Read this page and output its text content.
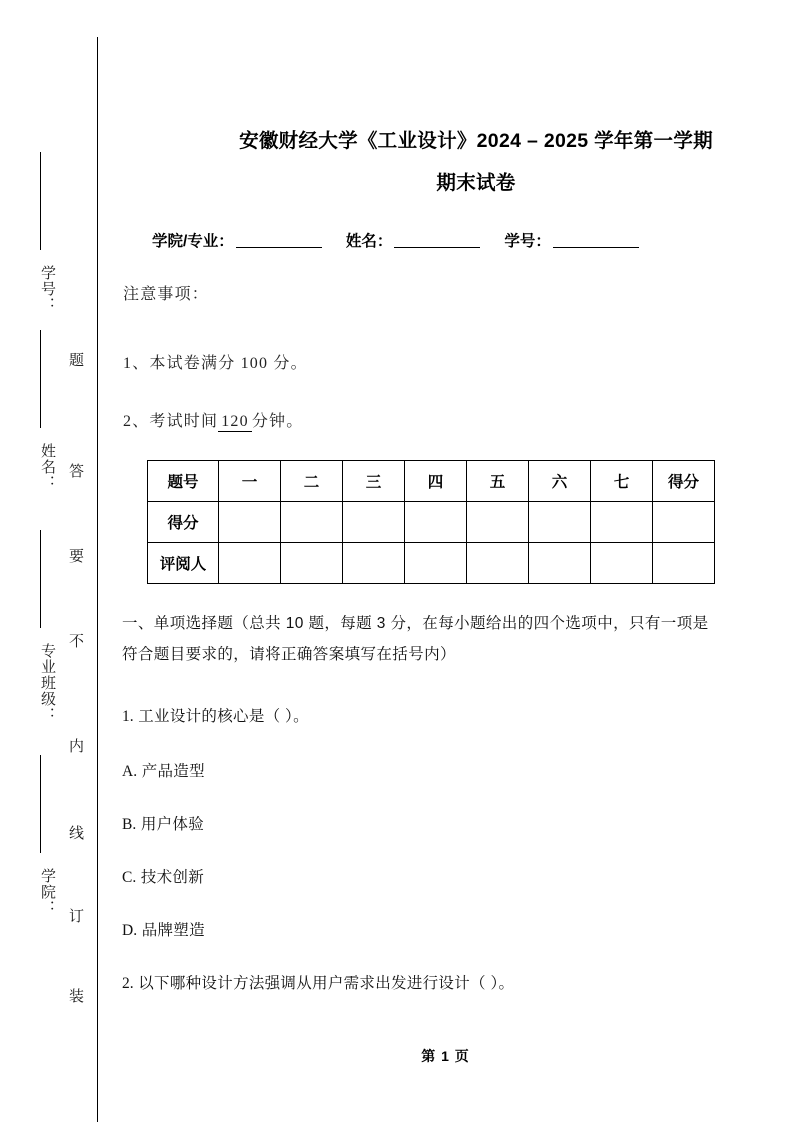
题
答
要
不
内
线
订
装
学号：
姓名：
专业班级：
学院：
安徽财经大学《工业设计》2024 – 2025 学年第一学期
期末试卷
学院/专业：	姓名：	学号：
注意事项：
1、本试卷满分 100 分。
2、考试时间 120 分钟。
题号	一	二	三	四	五	六	七	得分
得分								
评阅人								
一、单项选择题（总共 10 题，每题 3 分，在每小题给出的四个选项中，只有一项是符合题目要求的，请将正确答案填写在括号内）
1. 工业设计的核心是（ ）。
A. 产品造型
B. 用户体验
C. 技术创新
D. 品牌塑造
2. 以下哪种设计方法强调从用户需求出发进行设计（ ）。
第 1 页
